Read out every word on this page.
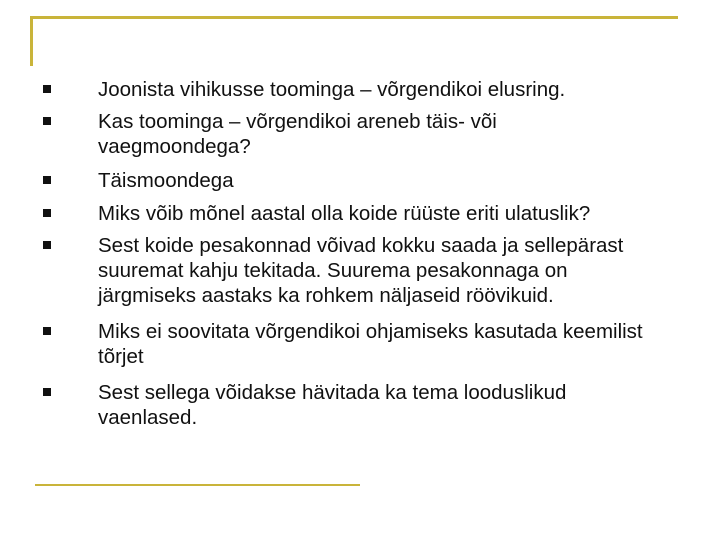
Joonista vihikusse toominga – võrgendikoi elusring.
Kas toominga – võrgendikoi areneb täis- või
vaegmoondega?
Täismoondega
Miks võib mõnel aastal olla koide rüüste eriti ulatuslik?
Sest koide pesakonnad võivad kokku saada ja sellepärast
suuremat kahju tekitada. Suurema pesakonnaga on
järgmiseks aastaks ka rohkem näljaseid röövikuid.
Miks ei soovitata võrgendikoi ohjamiseks kasutada keemilist
tõrjet
Sest sellega võidakse hävitada ka tema looduslikud
vaenlased.
